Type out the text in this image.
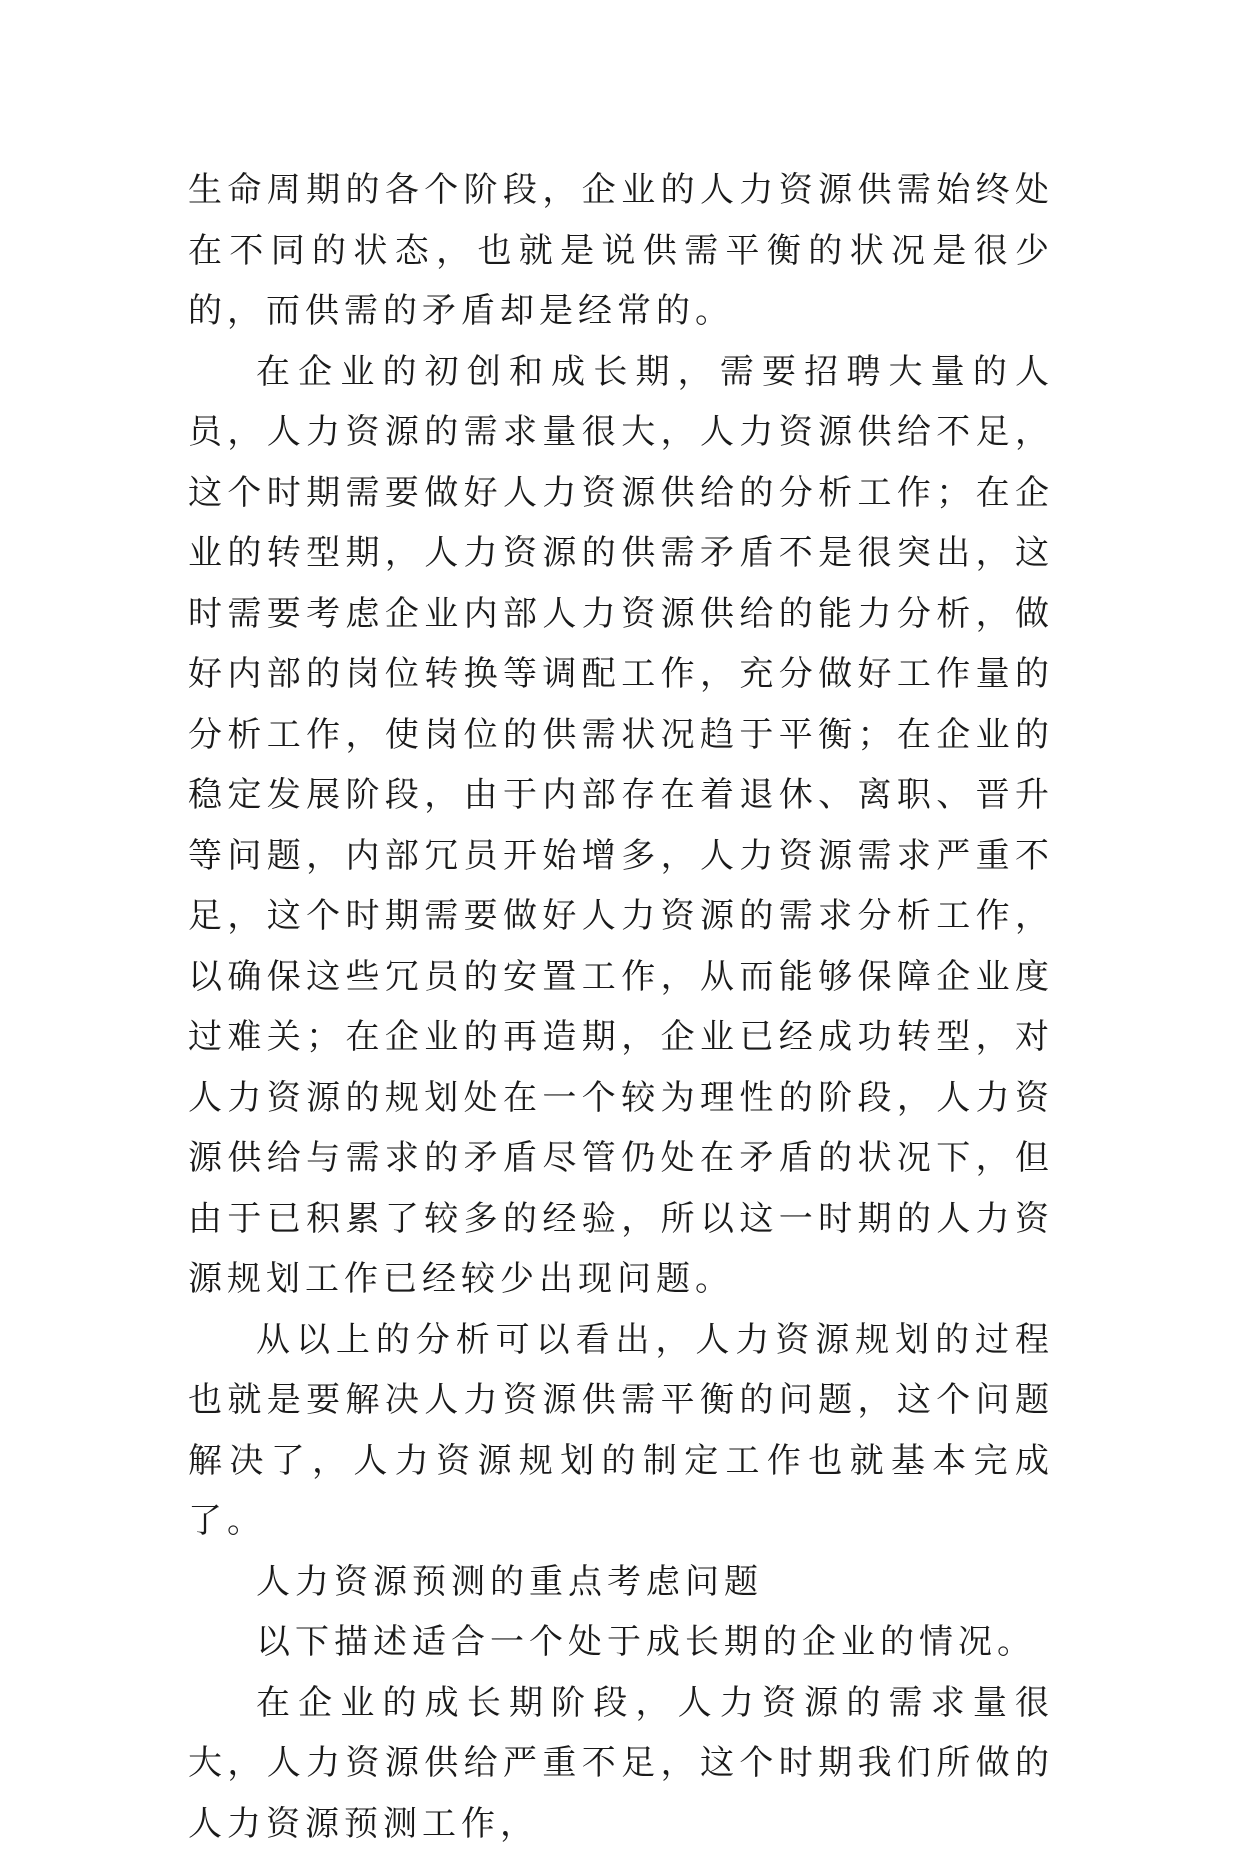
生命周期的各个阶段，企业的人力资源供需始终处在不同的状态，也就是说供需平衡的状况是很少的，而供需的矛盾却是经常的。

在企业的初创和成长期，需要招聘大量的人员，人力资源的需求量很大，人力资源供给不足，这个时期需要做好人力资源供给的分析工作；在企业的转型期，人力资源的供需矛盾不是很突出，这时需要考虑企业内部人力资源供给的能力分析，做好内部的岗位转换等调配工作，充分做好工作量的分析工作，使岗位的供需状况趋于平衡；在企业的稳定发展阶段，由于内部存在着退休、离职、晋升等问题，内部冗员开始增多，人力资源需求严重不足，这个时期需要做好人力资源的需求分析工作，以确保这些冗员的安置工作，从而能够保障企业度过难关；在企业的再造期，企业已经成功转型，对人力资源的规划处在一个较为理性的阶段，人力资源供给与需求的矛盾尽管仍处在矛盾的状况下，但由于已积累了较多的经验，所以这一时期的人力资源规划工作已经较少出现问题。

从以上的分析可以看出，人力资源规划的过程也就是要解决人力资源供需平衡的问题，这个问题解决了，人力资源规划的制定工作也就基本完成了。

人力资源预测的重点考虑问题

以下描述适合一个处于成长期的企业的情况。

在企业的成长期阶段，人力资源的需求量很大，人力资源供给严重不足，这个时期我们所做的人力资源预测工作，
